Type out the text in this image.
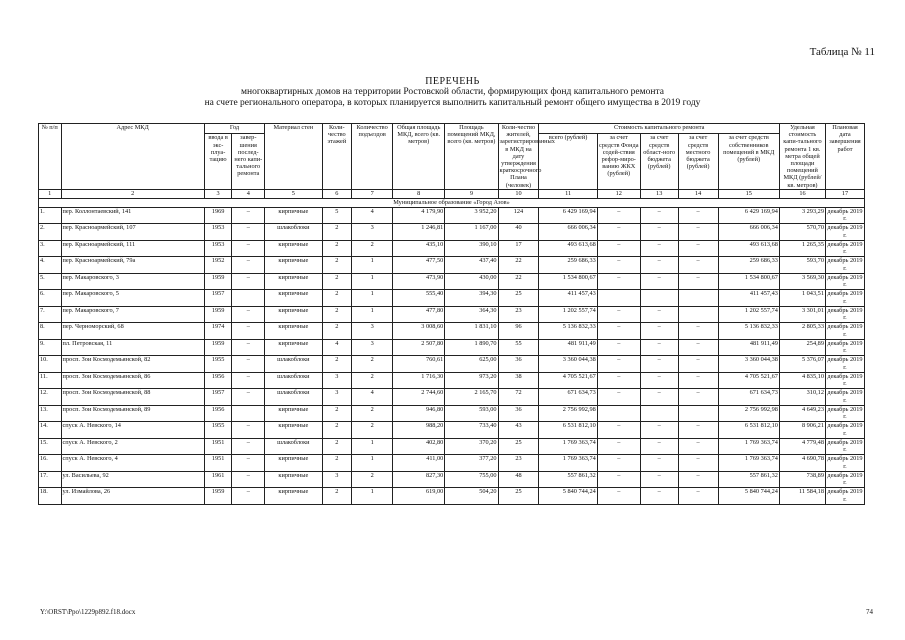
Таблица № 11
ПЕРЕЧЕНЬ
многоквартирных домов на территории Ростовской области, формирующих фонд капитального ремонта
на счете регионального оператора, в которых планируется выполнить капитальный ремонт общего имущества в 2019 году
№ п/п	Адрес МКД	Год		Материал стен	Коли-чество этажей	Количество подъездов	Общая площадь МКД, всего (кв. метров)	Площадь помещений МКД, всего (кв. метров)	Коли-чество жителей, зарегистрированных в МКД на дату утверждения краткосрочного Плана (человек)	Стоимость капитального ремонта					Удельная стоимость капи-тального ремонта 1 кв. метра общей площади помещений МКД (рублей/ кв. метров)	Плановая дата завершения работ
		ввода в экс-плуа-тацию	завер-шения послед-него капи-тального ремонта							всего (рублей)	за счет средств Фонда содей-ствия рефор-миро-ванию ЖКХ (рублей)	за счет средств област-ного бюджета (рублей)	за счет средств местного бюджета (рублей)	за счет средств собственников помещений в МКД (рублей)		
1	2	3	4	5	6	7	8	9	10	11	12	13	14	15	16	17
Муниципальное образование «Город Азов»																
1.	пер. Коллонтаевский, 141	1969	–	кирпичные	5	4	4 179,90	3 952,20	124	6 429 169,94	–	–	–	6 429 169,94	3 293,29	декабрь 2019 г.
2.	пер. Красноармейский, 107	1953	–	шлакоблоки	2	3	1 246,81	1 167,00	40	666 006,34	–	–	–	666 006,34	570,70	декабрь 2019 г.
3.	пер. Красноармейский, 111	1953	–	кирпичные	2	2	435,10	390,10	17	493 613,68	–	–	–	493 613,68	1 265,35	декабрь 2019 г.
4.	пер. Красноармейский, 79а	1952	–	кирпичные	2	1	477,50	437,40	22	259 686,33	–	–	–	259 686,33	593,70	декабрь 2019 г.
5.	пер. Макаровского, 3	1959	–	кирпичные	2	1	473,90	430,00	22	1 534 800,67	–	–	–	1 534 800,67	3 569,30	декабрь 2019 г.
6.	пер. Макаровского, 5	1957		кирпичные	2	1	555,40	394,30	25	411 457,43				411 457,43	1 043,51	декабрь 2019 г.
7.	пер. Макаровского, 7	1959	–	кирпичные	2	1	477,80	364,30	23	1 202 557,74	–	–		1 202 557,74	3 301,01	декабрь 2019 г.
8.	пер. Черноморский, 68	1974	–	кирпичные	2	3	3 008,60	1 831,10	96	5 136 832,33	–	–	–	5 136 832,33	2 805,33	декабрь 2019 г.
9.	пл. Петровская, 11	1959	–	кирпичные	4	3	2 507,80	1 890,70	55	481 911,49	–	–	–	481 911,49	254,89	декабрь 2019 г.
10.	просп. Зои Космодемьянской, 82	1955	–	шлакоблоки	2	2	760,61	625,00	36	3 360 044,38	–	–	–	3 360 044,38	5 376,07	декабрь 2019 г.
11.	просп. Зои Космодемьянской, 86	1956	–	шлакоблоки	3	2	1 716,30	973,20	38	4 705 521,67	–	–	–	4 705 521,67	4 835,10	декабрь 2019 г.
12.	просп. Зои Космодемьянской, 88	1957	–	шлакоблоки	3	4	2 744,60	2 165,70	72	671 634,73	–	–	–	671 634,73	310,12	декабрь 2019 г.
13.	просп. Зои Космодемьянской, 89	1956		кирпичные	2	2	946,80	593,00	36	2 756 992,98				2 756 992,98	4 649,23	декабрь 2019 г.
14.	спуск А. Невского, 14	1955	–	кирпичные	2	2	988,20	733,40	43	6 531 812,10	–	–	–	6 531 812,10	8 906,21	декабрь 2019 г.
15.	спуск А. Невского, 2	1951	–	шлакоблоки	2	1	402,80	370,20	25	1 769 363,74	–	–	–	1 769 363,74	4 779,48	декабрь 2019 г.
16.	спуск А. Невского, 4	1951	–	кирпичные	2	1	411,00	377,20	23	1 769 363,74	–	–	–	1 769 363,74	4 690,78	декабрь 2019 г.
17.	ул. Васильева, 92	1961	–	кирпичные	3	2	827,30	755,00	48	557 861,32	–	–	–	557 861,32	738,89	декабрь 2019 г.
18.	ул. Измайлова, 26	1959	–	кирпичные	2	1	619,00	504,20	25	5 840 744,24	–	–	–	5 840 744,24	11 584,18	декабрь 2019 г.
Y:\ORST\Ppo\1229p892.f18.docx	74
